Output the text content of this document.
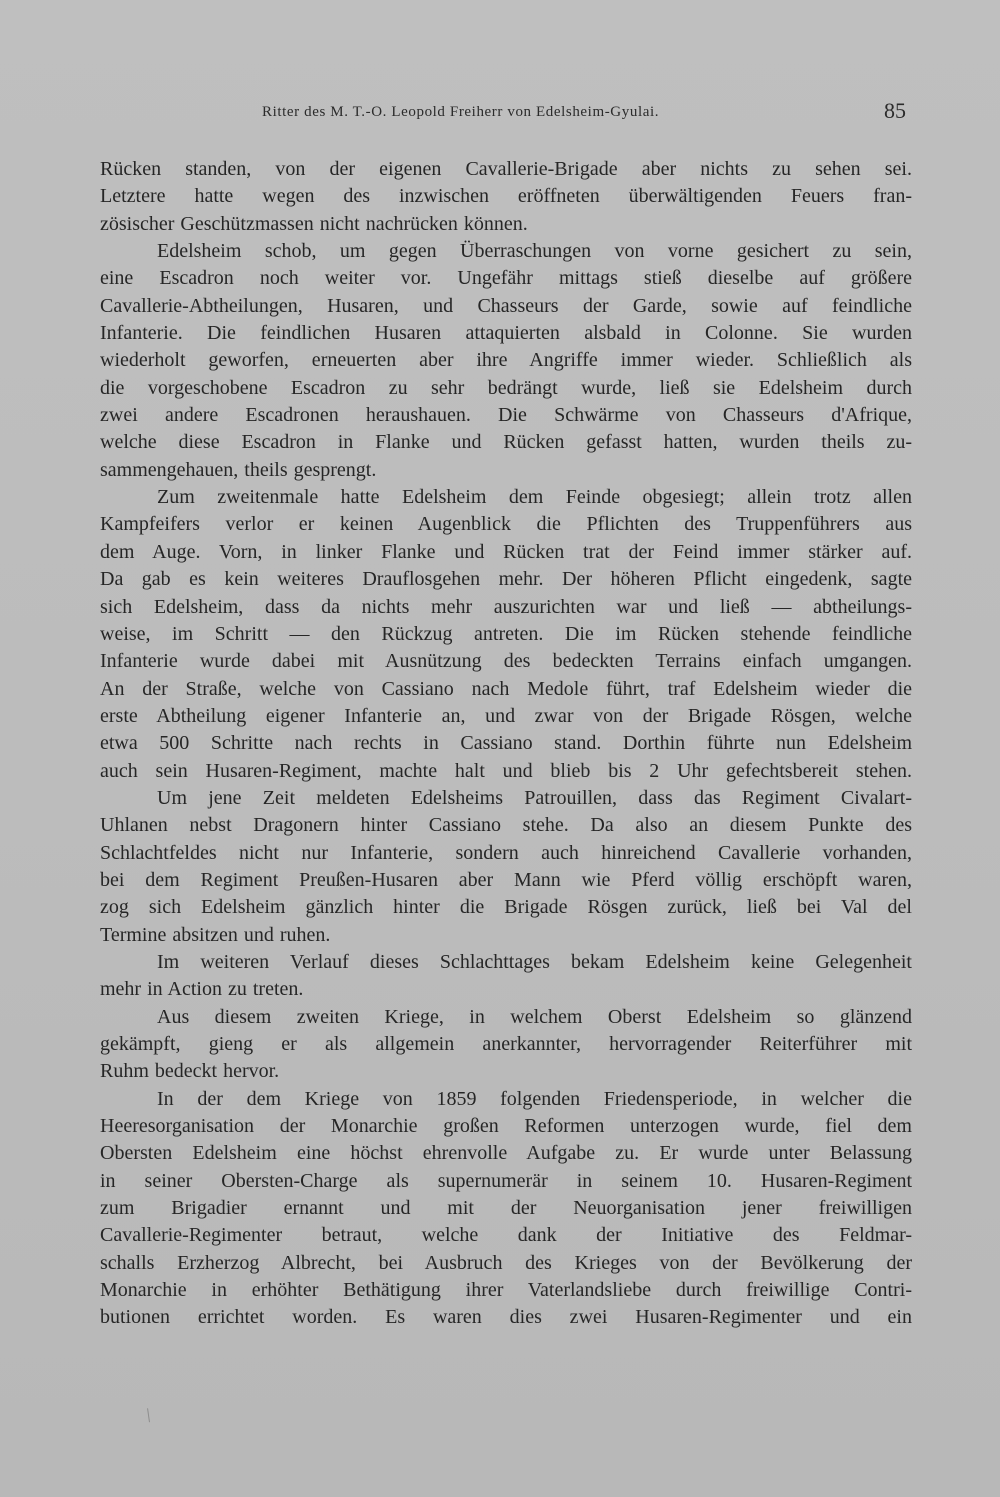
Ritter des M. T.-O. Leopold Freiherr von Edelsheim-Gyulai.	85
Rücken standen, von der eigenen Cavallerie-Brigade aber nichts zu sehen sei.
Letztere hatte wegen des inzwischen eröffneten überwältigenden Feuers fran-
zösischer Geschützmassen nicht nachrücken können.
Edelsheim schob, um gegen Überraschungen von vorne gesichert zu sein,
eine Escadron noch weiter vor. Ungefähr mittags stieß dieselbe auf größere
Cavallerie-Abtheilungen, Husaren, und Chasseurs der Garde, sowie auf feindliche
Infanterie. Die feindlichen Husaren attaquierten alsbald in Colonne. Sie wurden
wiederholt geworfen, erneuerten aber ihre Angriffe immer wieder. Schließlich als
die vorgeschobene Escadron zu sehr bedrängt wurde, ließ sie Edelsheim durch
zwei andere Escadronen heraushauen. Die Schwärme von Chasseurs d'Afrique,
welche diese Escadron in Flanke und Rücken gefasst hatten, wurden theils zu-
sammengehauen, theils gesprengt.
Zum zweitenmale hatte Edelsheim dem Feinde obgesiegt; allein trotz allen
Kampfeifers verlor er keinen Augenblick die Pflichten des Truppenführers aus
dem Auge. Vorn, in linker Flanke und Rücken trat der Feind immer stärker auf.
Da gab es kein weiteres Drauflosgehen mehr. Der höheren Pflicht eingedenk, sagte
sich Edelsheim, dass da nichts mehr auszurichten war und ließ — abtheilungs-
weise, im Schritt — den Rückzug antreten. Die im Rücken stehende feindliche
Infanterie wurde dabei mit Ausnützung des bedeckten Terrains einfach umgangen.
An der Straße, welche von Cassiano nach Medole führt, traf Edelsheim wieder die
erste Abtheilung eigener Infanterie an, und zwar von der Brigade Rösgen, welche
etwa 500 Schritte nach rechts in Cassiano stand. Dorthin führte nun Edelsheim
auch sein Husaren-Regiment, machte halt und blieb bis 2 Uhr gefechtsbereit stehen.
Um jene Zeit meldeten Edelsheims Patrouillen, dass das Regiment Civalart-
Uhlanen nebst Dragonern hinter Cassiano stehe. Da also an diesem Punkte des
Schlachtfeldes nicht nur Infanterie, sondern auch hinreichend Cavallerie vorhanden,
bei dem Regiment Preußen-Husaren aber Mann wie Pferd völlig erschöpft waren,
zog sich Edelsheim gänzlich hinter die Brigade Rösgen zurück, ließ bei Val del
Termine absitzen und ruhen.
Im weiteren Verlauf dieses Schlachttages bekam Edelsheim keine Gelegenheit
mehr in Action zu treten.
Aus diesem zweiten Kriege, in welchem Oberst Edelsheim so glänzend
gekämpft, gieng er als allgemein anerkannter, hervorragender Reiterführer mit
Ruhm bedeckt hervor.
In der dem Kriege von 1859 folgenden Friedensperiode, in welcher die
Heeresorganisation der Monarchie großen Reformen unterzogen wurde, fiel dem
Obersten Edelsheim eine höchst ehrenvolle Aufgabe zu. Er wurde unter Belassung
in seiner Obersten-Charge als supernumerär in seinem 10. Husaren-Regiment
zum Brigadier ernannt und mit der Neuorganisation jener freiwilligen
Cavallerie-Regimenter betraut, welche dank der Initiative des Feldmar-
schalls Erzherzog Albrecht, bei Ausbruch des Krieges von der Bevölkerung der
Monarchie in erhöhter Bethätigung ihrer Vaterlandsliebe durch freiwillige Contri-
butionen errichtet worden. Es waren dies zwei Husaren-Regimenter und ein
